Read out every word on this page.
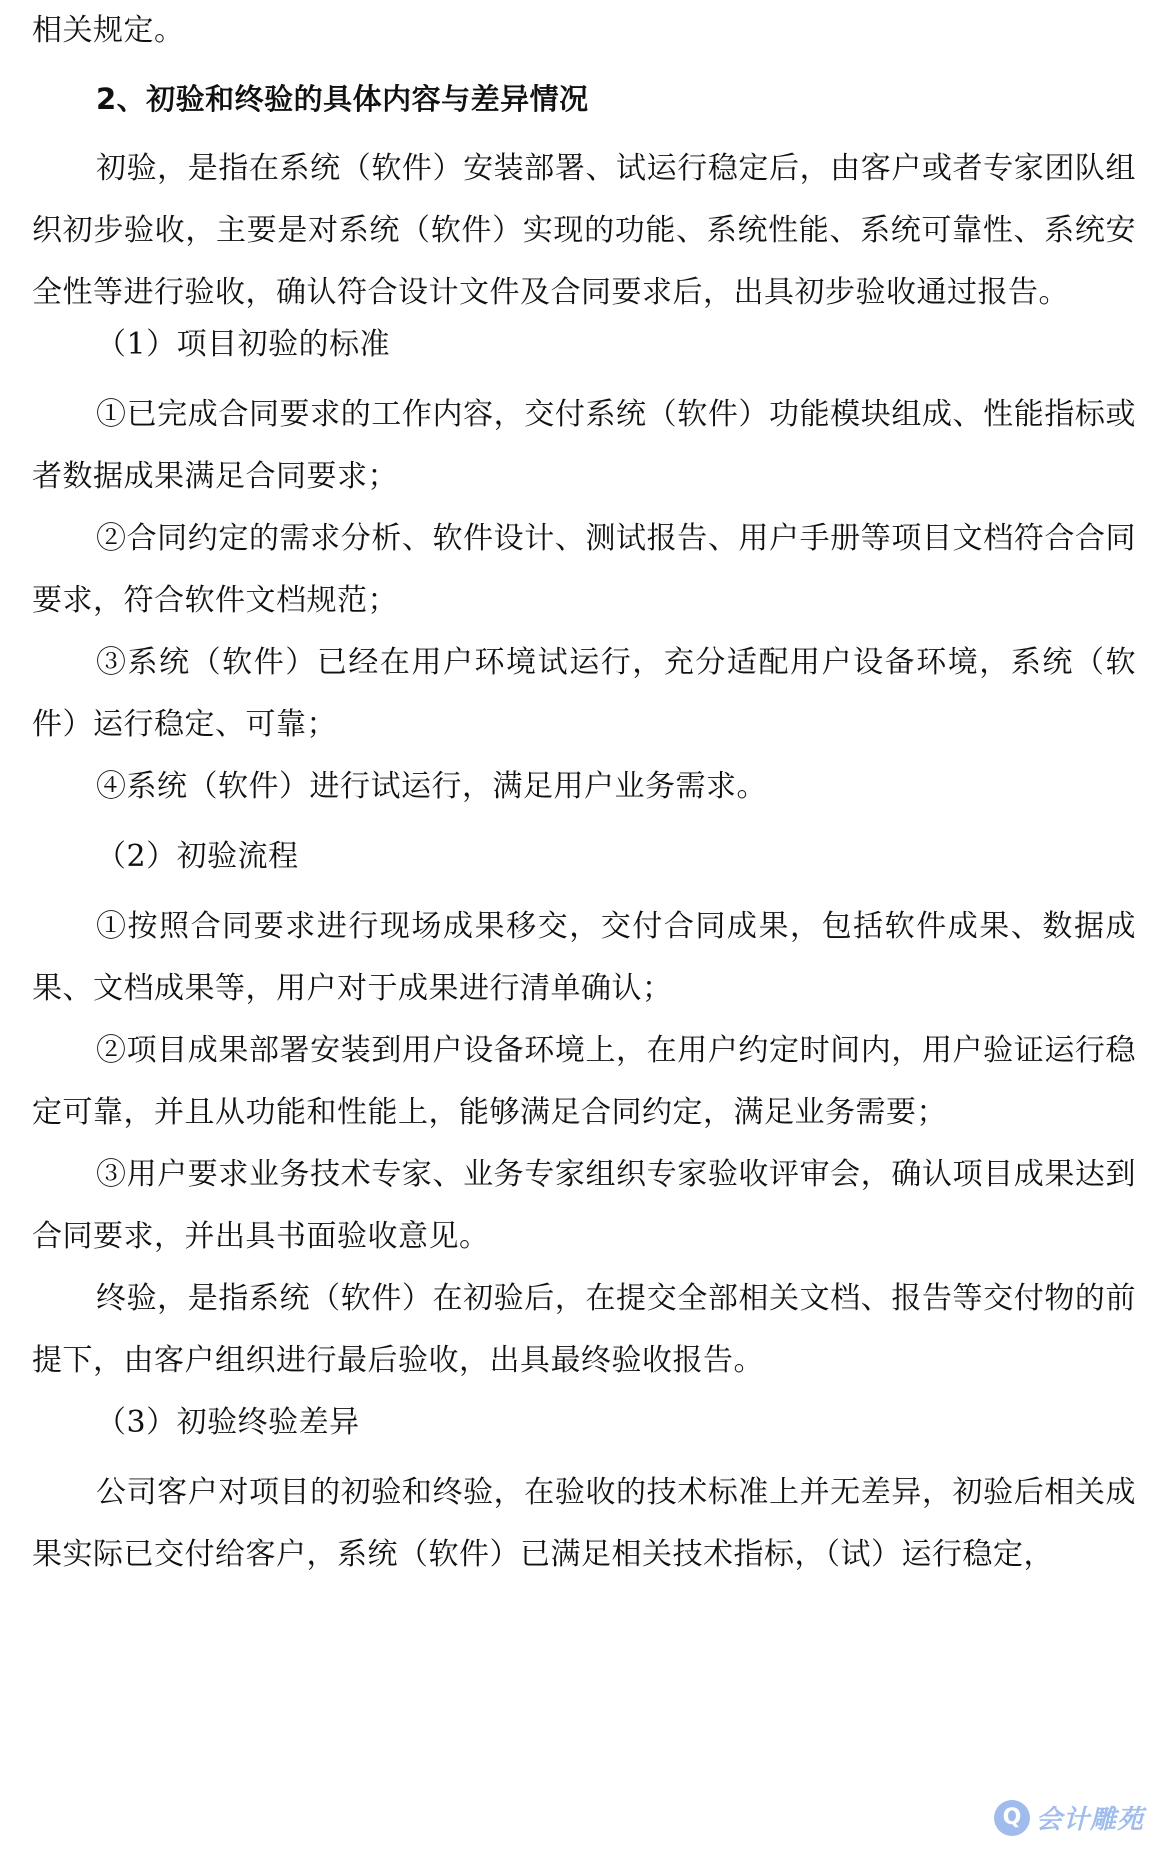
相关规定。

2、初验和终验的具体内容与差异情况

初验，是指在系统（软件）安装部署、试运行稳定后，由客户或者专家团队组织初步验收，主要是对系统（软件）实现的功能、系统性能、系统可靠性、系统安全性等进行验收，确认符合设计文件及合同要求后，出具初步验收通过报告。

（1）项目初验的标准

①已完成合同要求的工作内容，交付系统（软件）功能模块组成、性能指标或者数据成果满足合同要求；

②合同约定的需求分析、软件设计、测试报告、用户手册等项目文档符合合同要求，符合软件文档规范；

③系统（软件）已经在用户环境试运行，充分适配用户设备环境，系统（软件）运行稳定、可靠；

④系统（软件）进行试运行，满足用户业务需求。

（2）初验流程

①按照合同要求进行现场成果移交，交付合同成果，包括软件成果、数据成果、文档成果等，用户对于成果进行清单确认；

②项目成果部署安装到用户设备环境上，在用户约定时间内，用户验证运行稳定可靠，并且从功能和性能上，能够满足合同约定，满足业务需要；

③用户要求业务技术专家、业务专家组织专家验收评审会，确认项目成果达到合同要求，并出具书面验收意见。

终验，是指系统（软件）在初验后，在提交全部相关文档、报告等交付物的前提下，由客户组织进行最后验收，出具最终验收报告。

（3）初验终验差异

公司客户对项目的初验和终验，在验收的技术标准上并无差异，初验后相关成果实际已交付给客户，系统（软件）已满足相关技术指标，（试）运行稳定，

Q 会计雕苑
